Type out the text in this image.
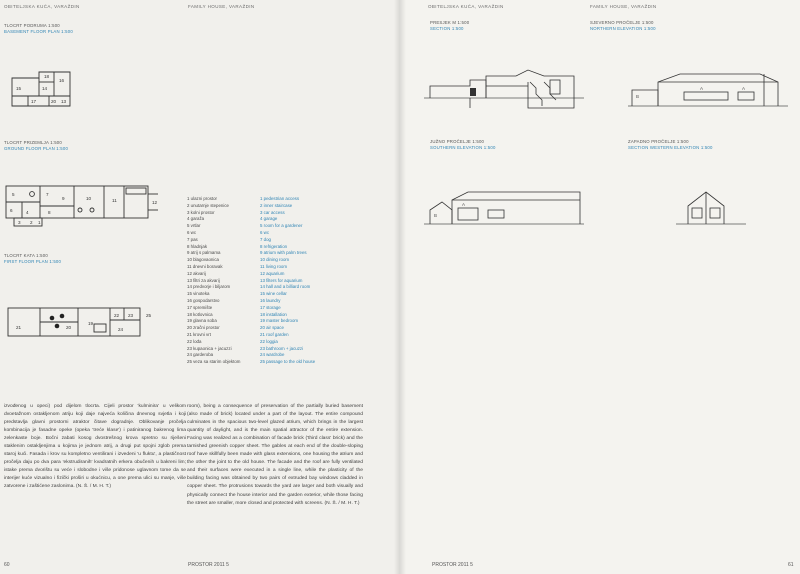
OBITELJSKA KUĆA, VARAŽDIN	FAMILY HOUSE, VARAŽDIN
TLOCRT PODRUMA 1:500
BASEMENT FLOOR PLAN 1:500
18
16
14
15
17	20 13
TLOCRT PRIZEMLJA 1:500
GROUND FLOOR PLAN 1:500
5	7
9	10	11	12
8
6	4
3 2 1
TLOCRT KATA 1:500
FIRST FLOOR PLAN 1:500
21	20
19
22 23
24
25
1 ulazni prostor
2 unutarnje stepenice
3 kolni prostor
4 garaža
5 vrtlar
6 wc
7 pas
8 hladnjak
9 atrij s palmama
10 blagovaonica
11 dnevni boravak
12 akvarij
13 filtri za akvarij
14 predvorje i biljarom
15 vinoteka
16 gospodarstvo
17 spremište
18 kotlovnica
19 glavna soba
20 zračni prostor
21 krovni vrt
22 lođa
23 kupaonica + jacuzzi
24 garderoba
25 veza sa starim objektom
1 pedestrian access
2 inner staircase
3 car access
4 garage
5 room for a gardener
6 wc
7 dog
8 refrigeration
9 atrium with palm trees
10 dining room
11 living room
12 aquarium
13 filters for aquarium
14 hall and a billiard room
15 wine cellar
16 laundry
17 storage
18 installation
19 master bedroom
20 air space
21 roof garden
22 loggia
23 bathroom + jacuzzi
24 wardrobe
25 passage to the old house

izvođenog u opeci) pod dijelom tlocrta. Cijeli prostor 'kulminira' u velikom dvoetažnom ostakljenom atriju koji daje najveća količina dnevnog svjetla i koji predstavlja glavni prostorni atraktor čitave dogradnje. Oblikovanje pročelja kombinacija je fasadne opeke (opeka 'treće klase') i patiniranog bakrenog lima zelenkaste boje. Bočni zabati kosog dvostrešnog krova spretno su riješeni staklenim ostakljenjima u kojima je jednom atrij, a drugi put spojni zglob prema staroj kući. Fasada i krov su kompletno ventilirani i izvedeni 'u fluktu', a plastičnost pročelja daju po dva para 'ekstrudiranih' kvadratnih erkera obučenih u bakreni lim; istake prema dvorištu su veće i slobodne i više pridonose uglavnom tome da se interijer kuće vizualno i fizički proširi u okućnicu, a one prema ulici su manje, više zatvorene i zaštićene zaslonima. (N. Š. / M. H. T.)

room), being a consequence of preservation of the partially buried basement (also made of brick) located under a part of the layout. The entire compound culminates in the spacious two-level glazed atrium, which brings in the largest quantity of daylight, and is the main spatial attractor of the entire extension. Facing was realized as a combination of facade brick ('third class' brick) and the tarnished greenish copper sheet. The gables at each end of the double-sloping roof have skillfully been made with glass extensions, one housing the atrium and the other the joint to the old house. The facade and the roof are fully ventilated and their surfaces were executed in a single line, while the plasticity of the building facing was obtained by two pairs of extruded bay windows cladded in copper sheet. The protrusions towards the yard are larger and both visually and physically connect the house interior and the garden exterior, while those facing the street are smaller, more closed and protected with screens. (N. Š. / M. H. T.)

60	PROSTOR 2011 5
OBITELJSKA KUĆA, VARAŽDIN	FAMILY HOUSE, VARAŽDIN
PRESJEK M 1:500
SECTION 1:500
SJEVERNO PROČELJE 1:500
NORTHERN ELEVATION 1:500
B
A	A
JUŽNO PROČELJE 1:500
SOUTHERN ELEVATION 1:500
ZAPADNO PROČELJE 1:500
SECTION WESTERN ELEVATION 1:500
B
A
PROSTOR 2011 5	61
